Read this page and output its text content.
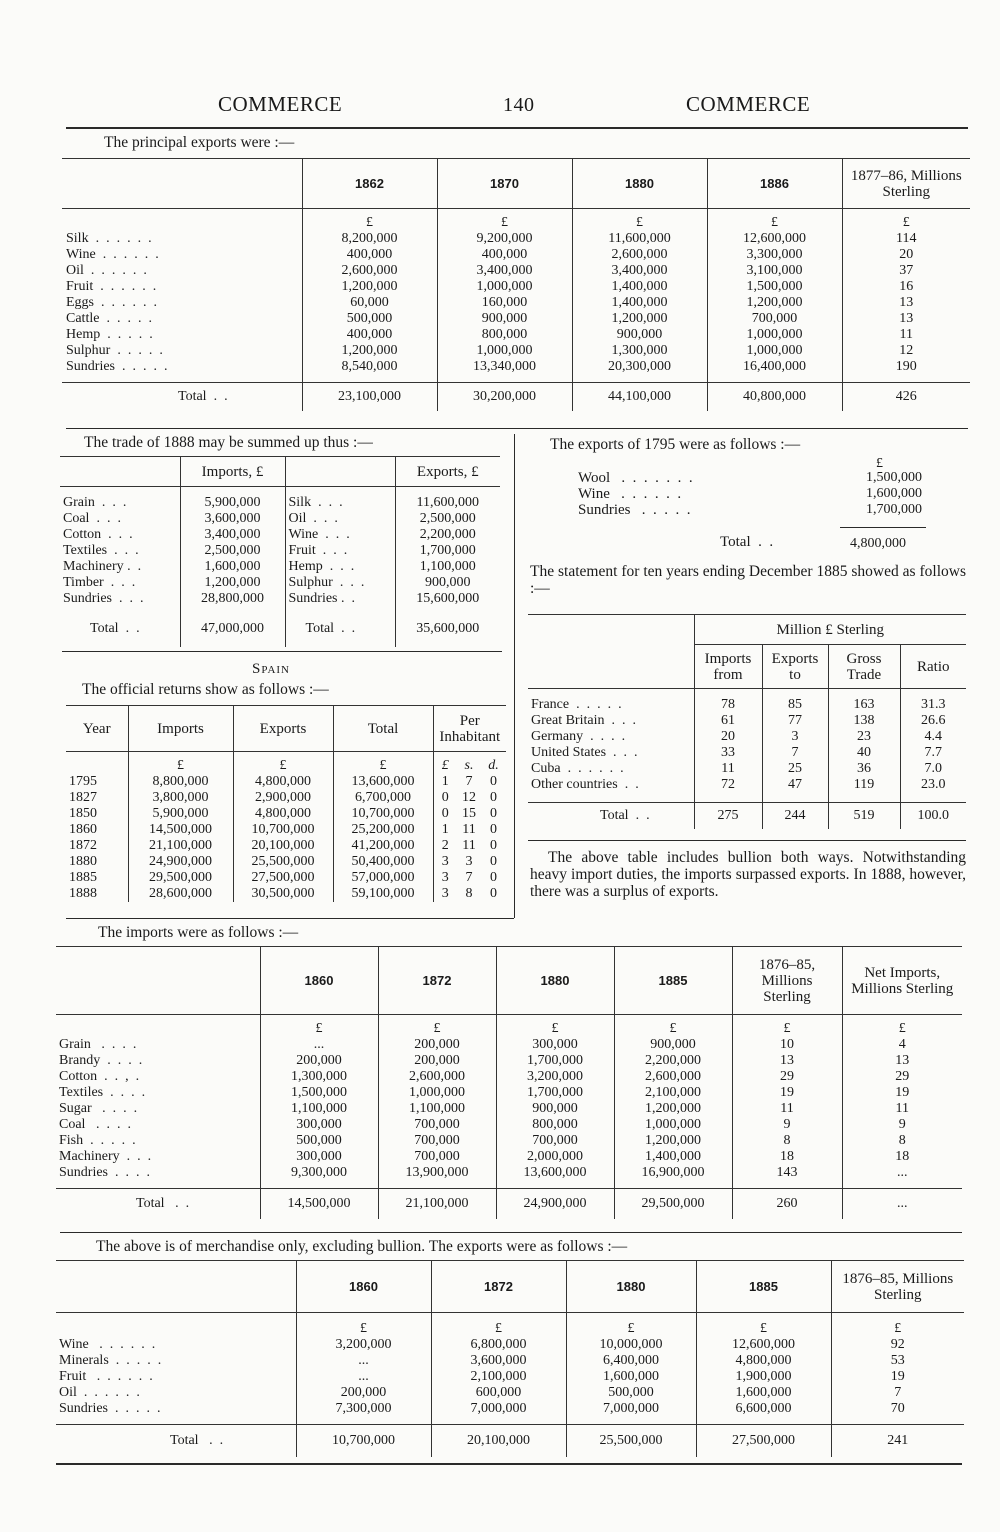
COMMERCE	140	COMMERCE
The principal exports were :—
	1862	1870	1880	1886	1877–86, Millions Sterling
	£	£	£	£	£
Silk  .  .  .  .  .  .	8,200,000	9,200,000	11,600,000	12,600,000	114
Wine  .  .  .  .  .  .	400,000	400,000	2,600,000	3,300,000	20
Oil  .  .  .  .  .  .	2,600,000	3,400,000	3,400,000	3,100,000	37
Fruit  .  .  .  .  .  .	1,200,000	1,000,000	1,400,000	1,500,000	16
Eggs  .  .  .  .  .  .	60,000	160,000	1,400,000	1,200,000	13
Cattle  .  .  .  .  .	500,000	900,000	1,200,000	700,000	13
Hemp  .  .  .  .  .	400,000	800,000	900,000	1,000,000	11
Sulphur  .  .  .  .  .	1,200,000	1,000,000	1,300,000	1,000,000	12
Sundries  .  .  .  .  .	8,540,000	13,340,000	20,300,000	16,400,000	190

Total  .  .	23,100,000	30,200,000	44,100,000	40,800,000	426
The trade of 1888 may be summed up thus :—
	Imports, £		Exports, £

Grain  .  .  .	5,900,000	Silk  .  .  .	11,600,000
Coal  .  .  .	3,600,000	Oil  .  .  .	2,500,000
Cotton  .  .  .	3,400,000	Wine  .  .  .	2,200,000
Textiles  .  .  .	2,500,000	Fruit  .  .  .	1,700,000
Machinery .  .	1,600,000	Hemp  .  .  .	1,100,000
Timber  .  .  .	1,200,000	Sulphur  .  .  .	900,000
Sundries  .  .  .	28,800,000	Sundries .  .	15,600,000

Total  .  .	47,000,000	Total  .  .	35,600,000
The exports of 1795 were as follows :—
£
Wool   .  .  .  .  .  .  .	1,500,000
Wine   .  .  .  .  .  .	1,600,000
Sundries   .  .  .  .  .	1,700,000
Total  .  .	4,800,000
The statement for ten years ending December 1885 showed as follows :—
	Million £ Sterling			
	Imports from	Exports to	Gross Trade	Ratio

France  .  .  .  .  .	78	85	163	31.3
Great Britain  .  .  .	61	77	138	26.6
Germany  .  .  .  .	20	3	23	4.4
United States  .  .  .	33	7	40	7.7
Cuba  .  .  .  .  .  .	11	25	36	7.0
Other countries  .  .	72	47	119	23.0

Total  .  .	275	244	519	100.0
The above table includes bullion both ways. Notwithstanding heavy import duties, the imports surpassed exports. In 1888, however, there was a surplus of exports.
Spain
The official returns show as follows :—
Year	Imports	Exports	Total	Per Inhabitant		
	£	£	£	£	s.	d.
1795	8,800,000	4,800,000	13,600,000	1	7	0
1827	3,800,000	2,900,000	6,700,000	0	12	0
1850	5,900,000	4,800,000	10,700,000	0	15	0
1860	14,500,000	10,700,000	25,200,000	1	11	0
1872	21,100,000	20,100,000	41,200,000	2	11	0
1880	24,900,000	25,500,000	50,400,000	3	3	0
1885	29,500,000	27,500,000	57,000,000	3	7	0
1888	28,600,000	30,500,000	59,100,000	3	8	0
The imports were as follows :—
	1860	1872	1880	1885	1876–85, Millions Sterling	Net Imports, Millions Sterling
	£	£	£	£	£	£
Grain   .  .  .  .	...	200,000	300,000	900,000	10	4
Brandy  .  .  .  .	200,000	200,000	1,700,000	2,200,000	13	13
Cotton  .  .  ,  .	1,300,000	2,600,000	3,200,000	2,600,000	29	29
Textiles  .  .  .  .	1,500,000	1,000,000	1,700,000	2,100,000	19	19
Sugar   .  .  .  .	1,100,000	1,100,000	900,000	1,200,000	11	11
Coal   .  .  .  .	300,000	700,000	800,000	1,000,000	9	9
Fish  .  .  .  .  .	500,000	700,000	700,000	1,200,000	8	8
Machinery  .  .  .	300,000	700,000	2,000,000	1,400,000	18	18
Sundries  .  .  .  .	9,300,000	13,900,000	13,600,000	16,900,000	143	...

Total   .  .	14,500,000	21,100,000	24,900,000	29,500,000	260	...
The above is of merchandise only, excluding bullion. The exports were as follows :—
	1860	1872	1880	1885	1876–85, Millions Sterling
	£	£	£	£	£
Wine   .  .  .  .  .  .	3,200,000	6,800,000	10,000,000	12,600,000	92
Minerals  .  .  .  .  .	...	3,600,000	6,400,000	4,800,000	53
Fruit   .  .  .  .  .  .	...	2,100,000	1,600,000	1,900,000	19
Oil  .  .  .  .  .  .	200,000	600,000	500,000	1,600,000	7
Sundries  .  .  .  .  .	7,300,000	7,000,000	7,000,000	6,600,000	70

Total   .  .	10,700,000	20,100,000	25,500,000	27,500,000	241
